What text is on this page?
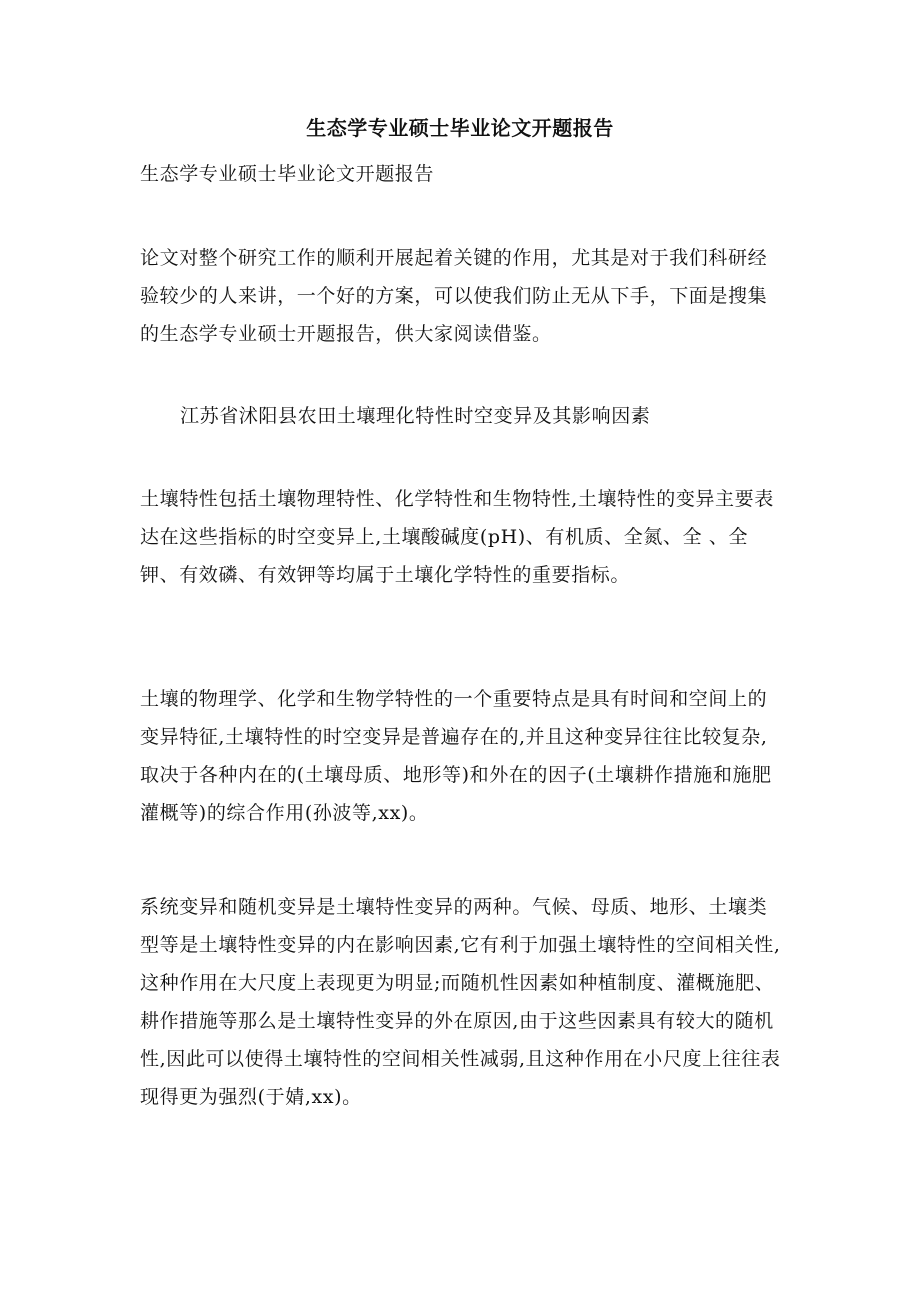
生态学专业硕士毕业论文开题报告
生态学专业硕士毕业论文开题报告
论文对整个研究工作的顺利开展起着关键的作用，尤其是对于我们科研经验较少的人来讲，一个好的方案，可以使我们防止无从下手，下面是搜集的生态学专业硕士开题报告，供大家阅读借鉴。
江苏省沭阳县农田土壤理化特性时空变异及其影响因素
土壤特性包括土壤物理特性、化学特性和生物特性,土壤特性的变异主要表达在这些指标的时空变异上,土壤酸碱度(pH)、有机质、全氮、全 、全钾、有效磷、有效钾等均属于土壤化学特性的重要指标。
土壤的物理学、化学和生物学特性的一个重要特点是具有时间和空间上的变异特征,土壤特性的时空变异是普遍存在的,并且这种变异往往比较复杂,取决于各种内在的(土壤母质、地形等)和外在的因子(土壤耕作措施和施肥灌概等)的综合作用(孙波等,xx)。
系统变异和随机变异是土壤特性变异的两种。气候、母质、地形、土壤类型等是土壤特性变异的内在影响因素,它有利于加强土壤特性的空间相关性,这种作用在大尺度上表现更为明显;而随机性因素如种植制度、灌概施肥、耕作措施等那么是土壤特性变异的外在原因,由于这些因素具有较大的随机性,因此可以使得土壤特性的空间相关性减弱,且这种作用在小尺度上往往表现得更为强烈(于婧,xx)。
